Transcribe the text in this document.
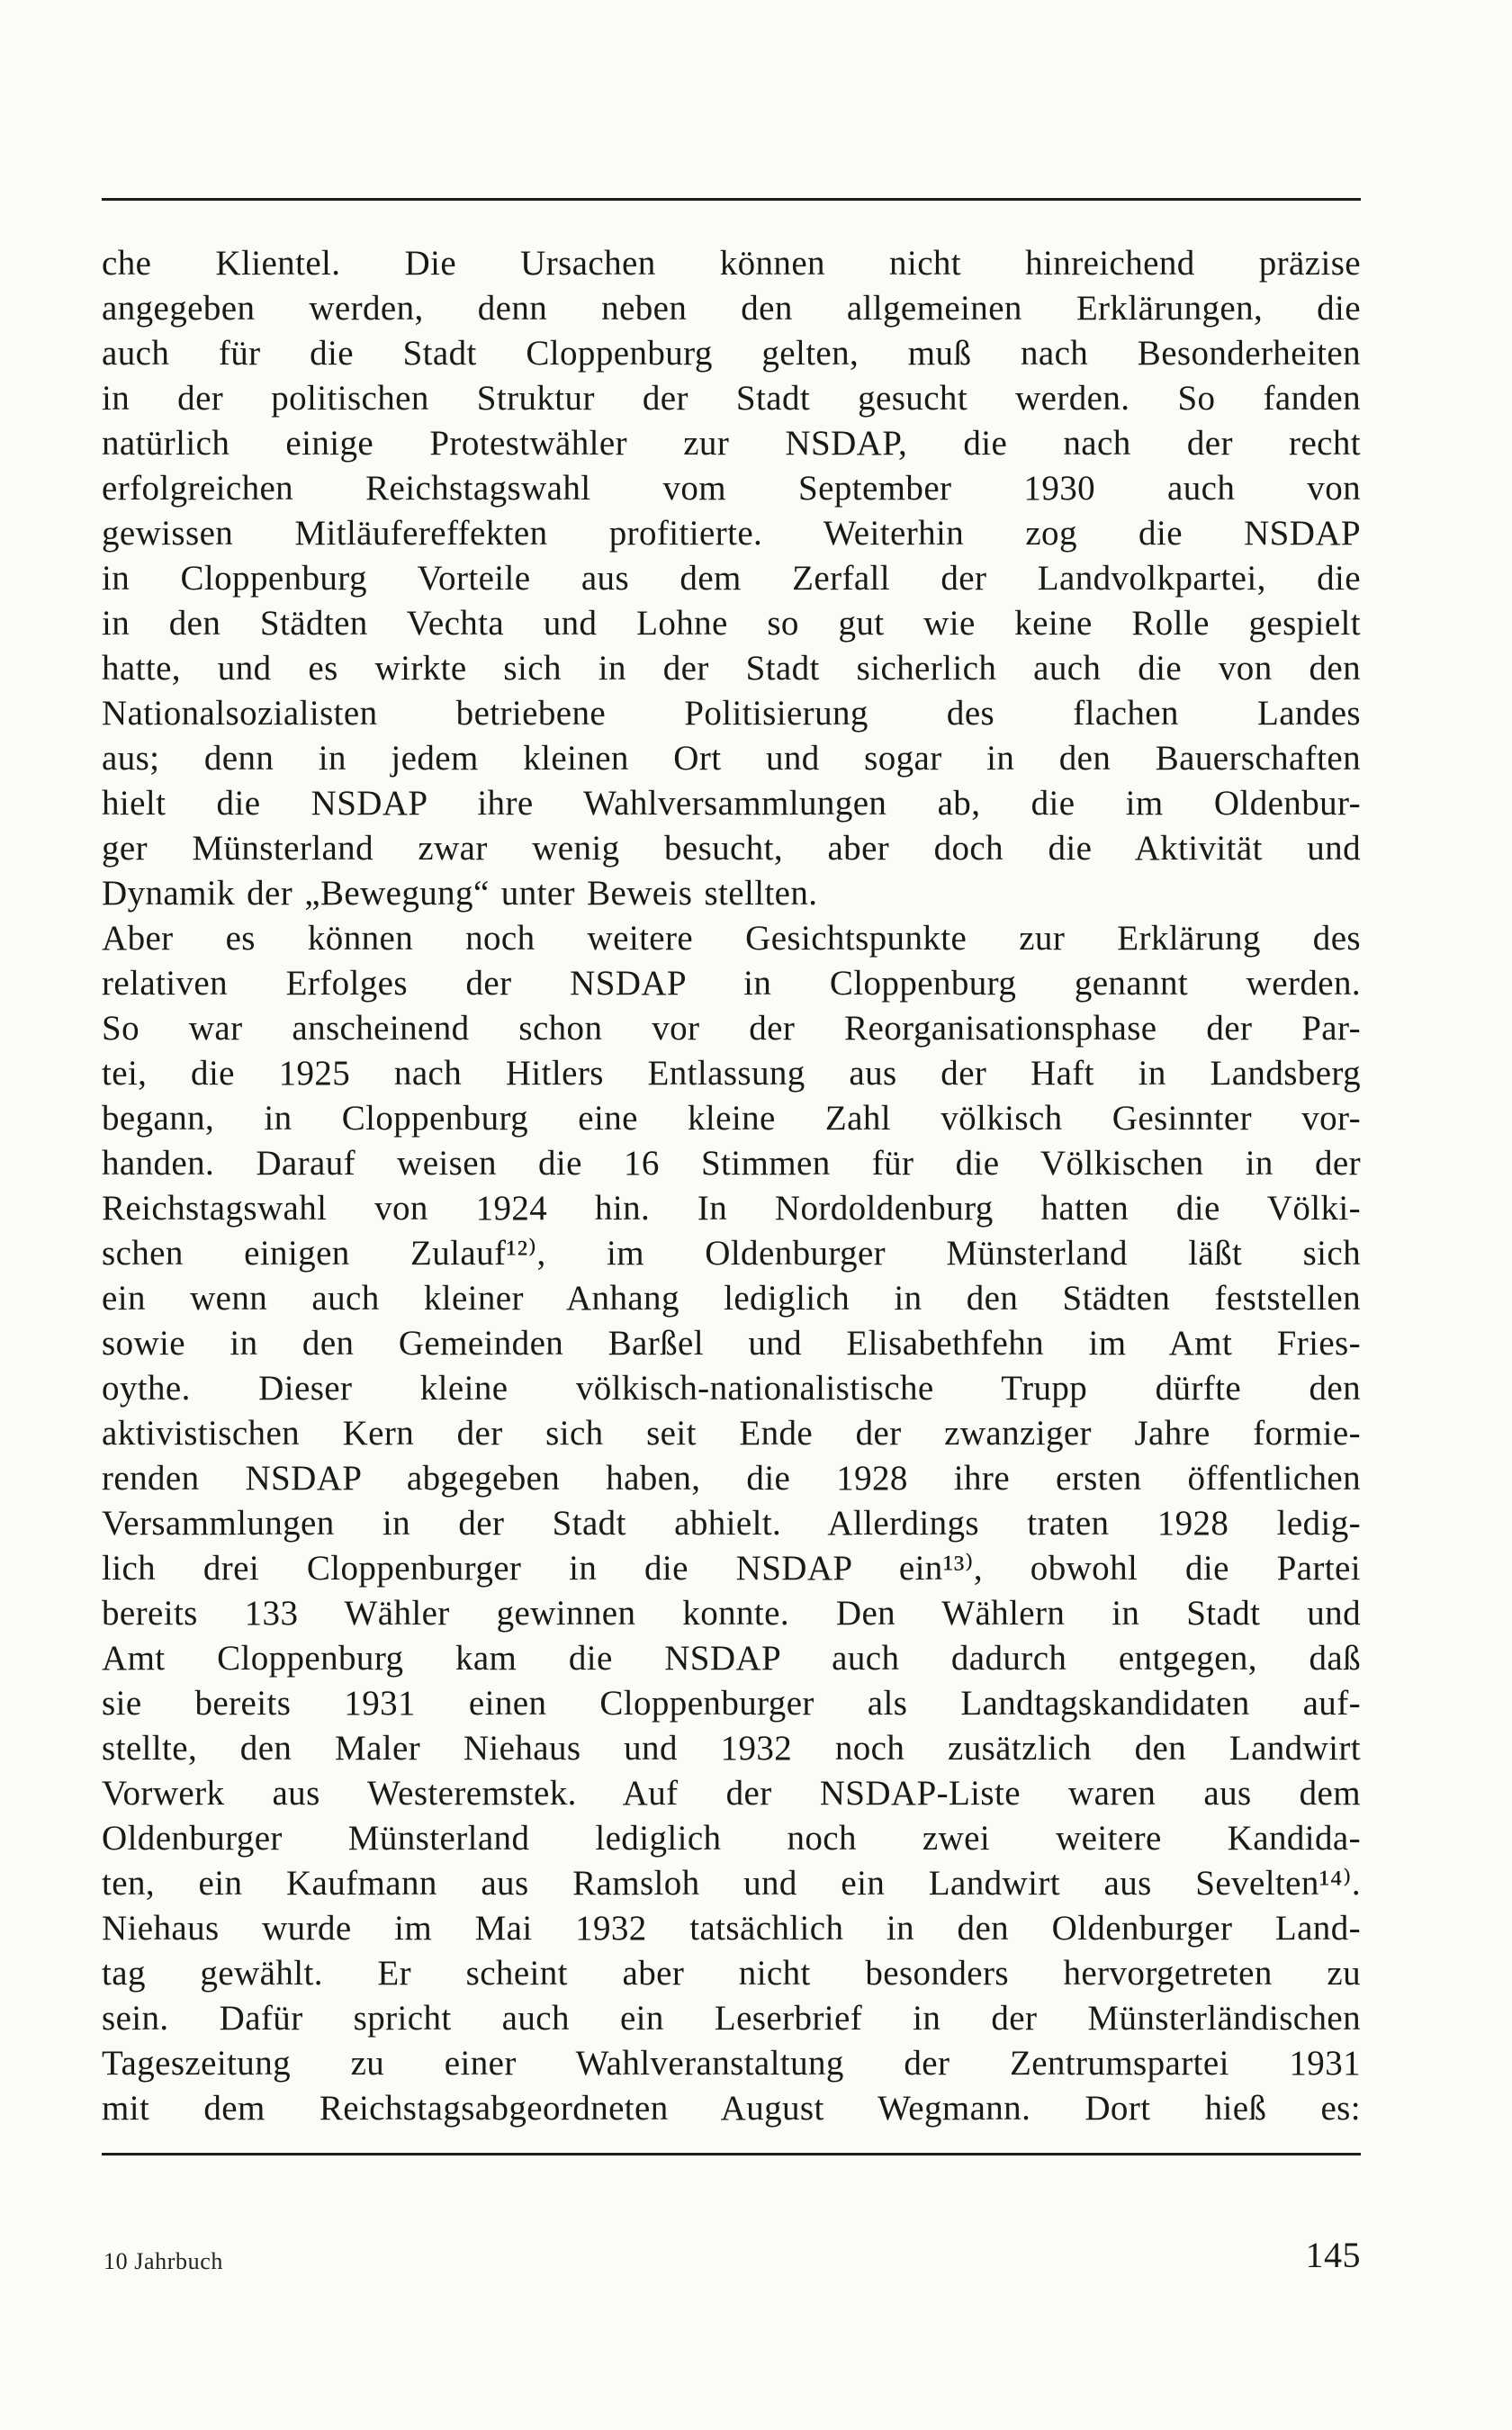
che Klientel. Die Ursachen können nicht hinreichend präzise
angegeben werden, denn neben den allgemeinen Erklärungen, die
auch für die Stadt Cloppenburg gelten, muß nach Besonderheiten
in der politischen Struktur der Stadt gesucht werden. So fanden
natürlich einige Protestwähler zur NSDAP, die nach der recht
erfolgreichen Reichstagswahl vom September 1930 auch von
gewissen Mitläufereffekten profitierte. Weiterhin zog die NSDAP
in Cloppenburg Vorteile aus dem Zerfall der Landvolkpartei, die
in den Städten Vechta und Lohne so gut wie keine Rolle gespielt
hatte, und es wirkte sich in der Stadt sicherlich auch die von den
Nationalsozialisten betriebene Politisierung des flachen Landes
aus; denn in jedem kleinen Ort und sogar in den Bauerschaften
hielt die NSDAP ihre Wahlversammlungen ab, die im Oldenbur-
ger Münsterland zwar wenig besucht, aber doch die Aktivität und
Dynamik der „Bewegung“ unter Beweis stellten.
Aber es können noch weitere Gesichtspunkte zur Erklärung des
relativen Erfolges der NSDAP in Cloppenburg genannt werden.
So war anscheinend schon vor der Reorganisationsphase der Par-
tei, die 1925 nach Hitlers Entlassung aus der Haft in Landsberg
begann, in Cloppenburg eine kleine Zahl völkisch Gesinnter vor-
handen. Darauf weisen die 16 Stimmen für die Völkischen in der
Reichstagswahl von 1924 hin. In Nordoldenburg hatten die Völki-
schen einigen Zulauf¹²⁾, im Oldenburger Münsterland läßt sich
ein wenn auch kleiner Anhang lediglich in den Städten feststellen
sowie in den Gemeinden Barßel und Elisabethfehn im Amt Fries-
oythe. Dieser kleine völkisch-nationalistische Trupp dürfte den
aktivistischen Kern der sich seit Ende der zwanziger Jahre formie-
renden NSDAP abgegeben haben, die 1928 ihre ersten öffentlichen
Versammlungen in der Stadt abhielt. Allerdings traten 1928 ledig-
lich drei Cloppenburger in die NSDAP ein¹³⁾, obwohl die Partei
bereits 133 Wähler gewinnen konnte. Den Wählern in Stadt und
Amt Cloppenburg kam die NSDAP auch dadurch entgegen, daß
sie bereits 1931 einen Cloppenburger als Landtagskandidaten auf-
stellte, den Maler Niehaus und 1932 noch zusätzlich den Landwirt
Vorwerk aus Westeremstek. Auf der NSDAP-Liste waren aus dem
Oldenburger Münsterland lediglich noch zwei weitere Kandida-
ten, ein Kaufmann aus Ramsloh und ein Landwirt aus Sevelten¹⁴⁾.
Niehaus wurde im Mai 1932 tatsächlich in den Oldenburger Land-
tag gewählt. Er scheint aber nicht besonders hervorgetreten zu
sein. Dafür spricht auch ein Leserbrief in der Münsterländischen
Tageszeitung zu einer Wahlveranstaltung der Zentrumspartei 1931
mit dem Reichstagsabgeordneten August Wegmann. Dort hieß es:
10 Jahrbuch	145
